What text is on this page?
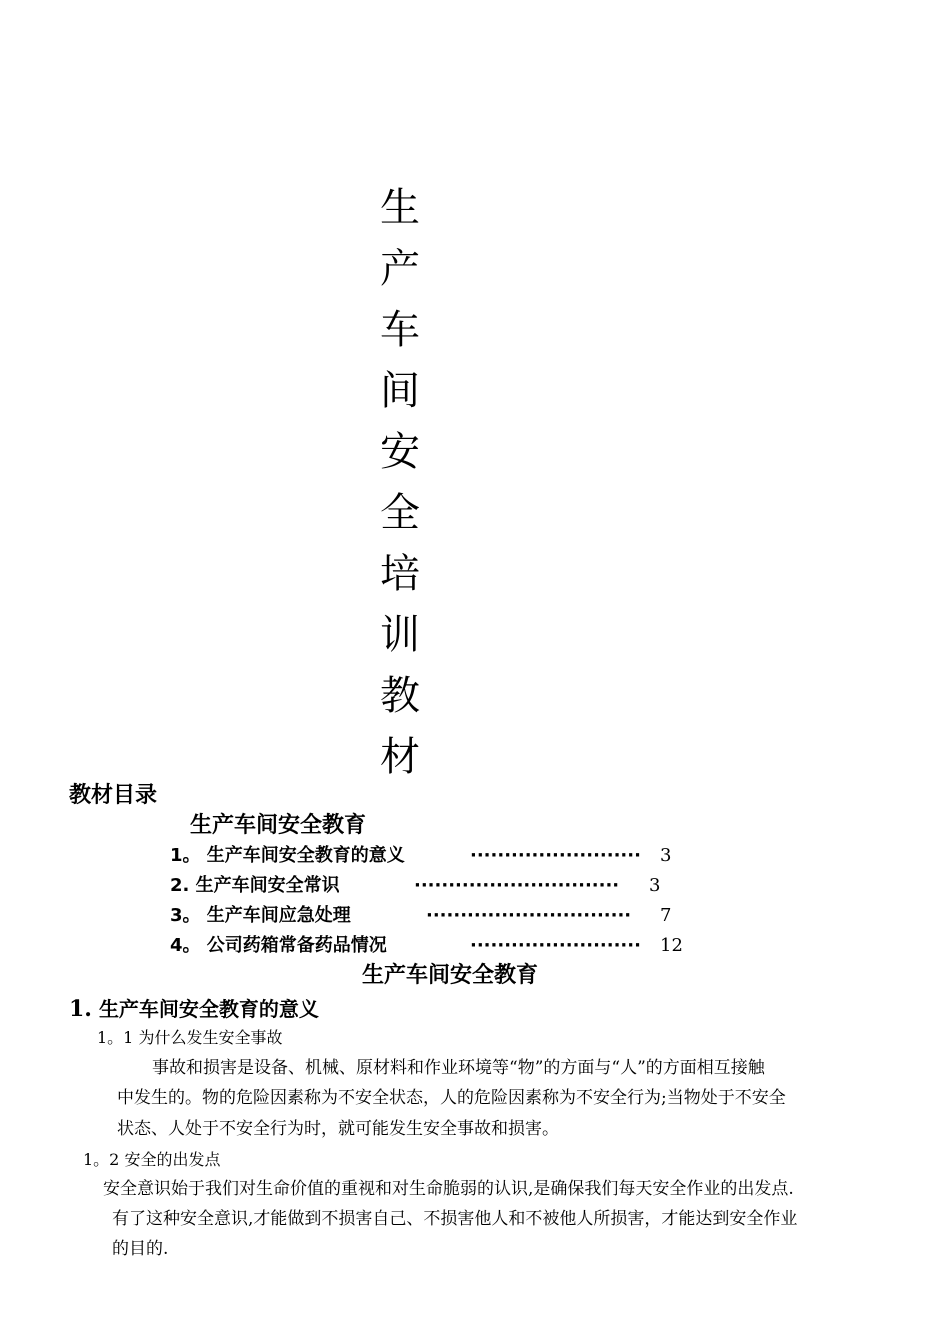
生
产
车
间
安
全
培
训
教
材
教材目录
生产车间安全教育
1。 生产车间安全教育的意义	························· 3
2. 生产车间安全常识	······························ 3
3。 生产车间应急处理	······························ 7
4。 公司药箱常备药品情况	························· 12
生产车间安全教育
1. 生产车间安全教育的意义
1。1 为什么发生安全事故
事故和损害是设备、机械、原材料和作业环境等“物”的方面与“人”的方面相互接触
中发生的。物的危险因素称为不安全状态，人的危险因素称为不安全行为;当物处于不安全
状态、人处于不安全行为时，就可能发生安全事故和损害。
1。2 安全的出发点
安全意识始于我们对生命价值的重视和对生命脆弱的认识,是确保我们每天安全作业的出发点.
有了这种安全意识,才能做到不损害自己、不损害他人和不被他人所损害，才能达到安全作业
的目的.
